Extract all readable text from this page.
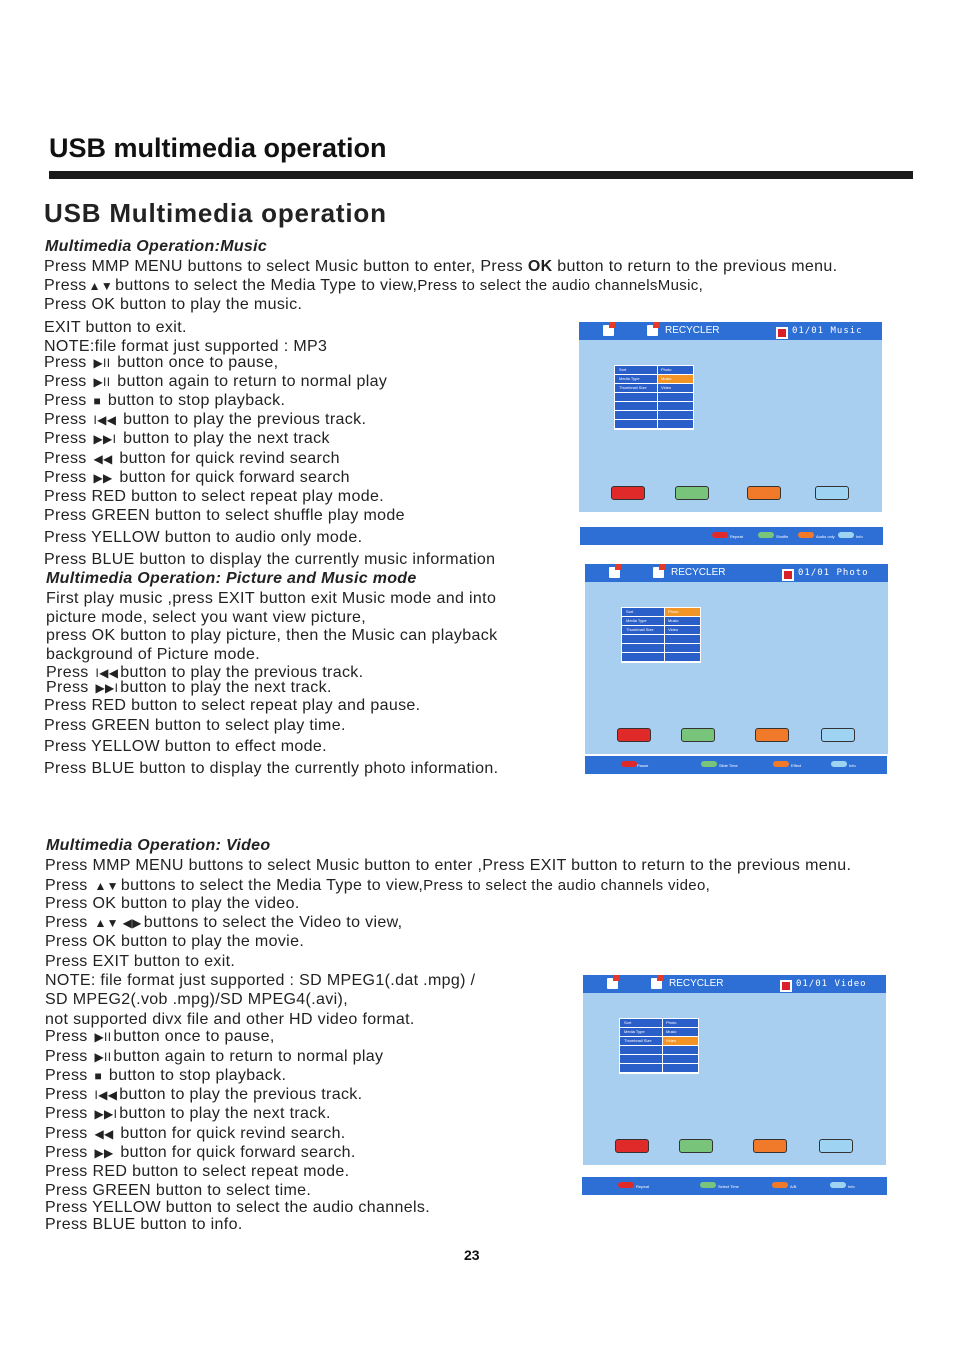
USB multimedia operation
USB Multimedia operation
Multimedia Operation:Music
Press MMP MENU buttons to select Music button to enter, Press OK button to return to the previous menu.
Press ▲▼ buttons to select the Media Type to view,Press to select the audio channelsMusic,
Press OK button to play the music.
EXIT button to exit.
NOTE:file format just supported : MP3
Press ▶II button once to pause,
Press ▶II button again to return to normal play
Press ■ button to stop playback.
Press I◀◀ button to play the previous track.
Press ▶▶I button to play the next track
Press ◀◀ button for quick revind search
Press ▶▶ button for quick forward search
Press RED button to select repeat play mode.
Press GREEN button to select shuffle play mode
Press YELLOW button to audio only mode.
Press BLUE button to display the currently music information
Multimedia Operation: Picture and Music mode
First play music ,press EXIT button exit Music mode and into
picture mode, select you want view picture,
press OK button to play picture, then the Music can playback
background of Picture mode.
Press I◀◀ button to play the previous track.
Press ▶▶I button to play the next track.
Press RED button to select repeat play and pause.
Press GREEN button to select play time.
Press YELLOW button to effect mode.
Press BLUE button to display the currently photo information.
Multimedia Operation: Video
Press MMP MENU buttons to select Music button to enter ,Press EXIT button to return to the previous menu.
Press ▲▼ buttons to select the Media Type to view,Press to select the audio channels video,
Press OK button to play the video.
Press ▲▼ ◀▶ buttons to select the Video to view,
Press OK button to play the movie.
Press EXIT button to exit.
NOTE: file format just supported : SD MPEG1(.dat .mpg) /
SD MPEG2(.vob .mpg)/SD MPEG4(.avi),
not supported divx file and other HD video format.
Press ▶II button once to pause,
Press ▶II button again to return to normal play
Press ■ button to stop playback.
Press I◀◀ button to play the previous track.
Press ▶▶I button to play the next track.
Press ◀◀ button for quick revind search.
Press ▶▶ button for quick forward search.
Press RED button to select repeat mode.
Press GREEN button to select time.
Press YELLOW button to select the audio channels.
Press BLUE button to info.
23
RECYCLER	01/01 Music
Sort	Photo
Media Type	Music
Thumbnail Size	Video
Repeat	Shuffle	Audio only	Info
RECYCLER	01/01 Photo
Sort	Photo
Media Type	Music
Thumbnail Size	Video
Pause	Slide Time	Effect	Info
RECYCLER	01/01 Video
Sort	Photo
Media Type	Music
Thumbnail Size	Video
Repeat	Select Time	A/B	Info
